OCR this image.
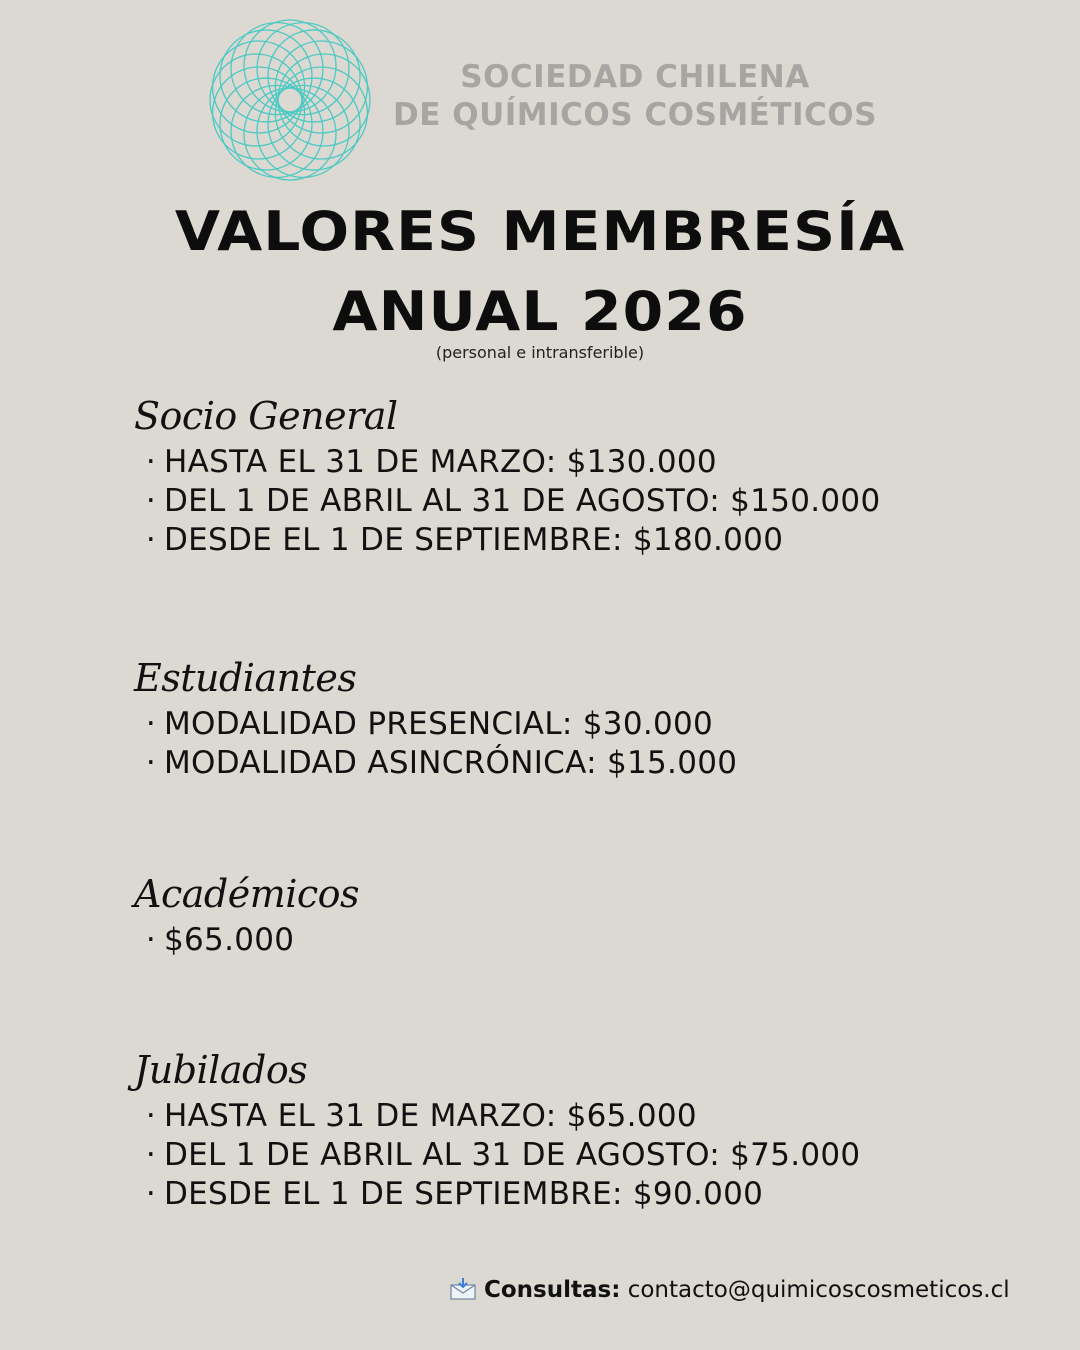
SOCIEDAD CHILENA
DE QUÍMICOS COSMÉTICOS
VALORES MEMBRESÍA
ANUAL 2026
(personal e intransferible)
Socio General
· HASTA EL 31 DE MARZO: $130.000
· DEL 1 DE ABRIL AL 31 DE AGOSTO: $150.000
· DESDE EL 1 DE SEPTIEMBRE: $180.000
Estudiantes
· MODALIDAD PRESENCIAL: $30.000
· MODALIDAD ASINCRÓNICA: $15.000
Académicos
· $65.000
Jubilados
· HASTA EL 31 DE MARZO: $65.000
· DEL 1 DE ABRIL AL 31 DE AGOSTO: $75.000
· DESDE EL 1 DE SEPTIEMBRE: $90.000
Consultas: contacto@quimicoscosmeticos.cl
